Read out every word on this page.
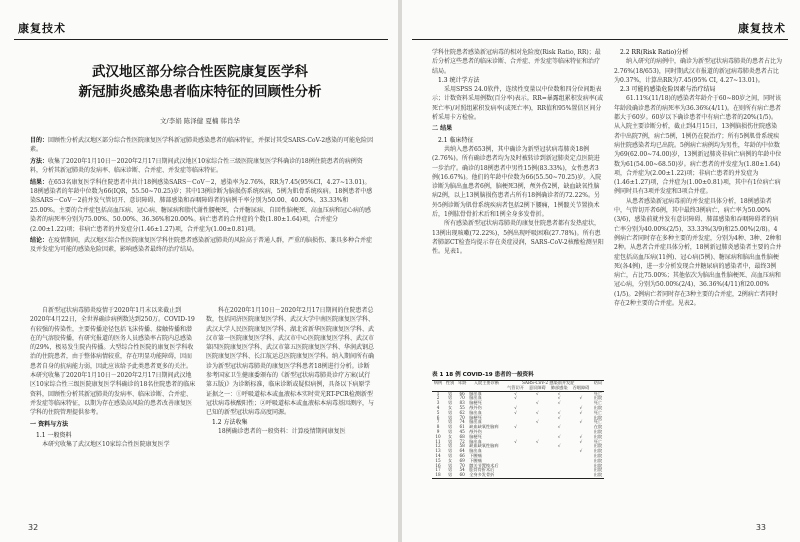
康复技术
武汉地区部分综合性医院康复医学科
新冠肺炎感染患者临床特征的回顾性分析
文/李娟 陈泽健 夏楠 韩肖华
目的：回顾性分析武汉地区部分综合性医院康复医学科新冠肺炎感染患者的临床特征，并探讨其受SARS-CoV-2感染的可能危险因素。
方法：收集了2020年1月10日－2020年2月17日期间武汉地区10家综合性三级医院康复医学科确诊的18例住院患者的病例资料，分析其新冠肺炎的发病率、临床诊断、合并症、并发症等临床特征。
结果：在653名康复医学科住院患者中共计18例感染SARS－CoV－2，感染率为2.76%，RR为7.45(95%CI，4.27~13.01)。18例感染者的年龄中位数为66(IQR，55.50~70.25)岁；其中13例诊断为脑损伤系统疾病，5例为肌骨系统疾病。18例患者中感染SARS－CoV－2前并发气管切开、意识障碍、肺部感染和吞咽障碍者的病例千率分别为50.00、40.00%、33.33%和25.00%。主要的合并症包括高血压病、冠心病、糖尿病和脂代谢性腰梗死，合并糖尿病、自回性脑梗死、高血压病和冠心病的感染者的病死率分别为75.00%、50.00%、36.36%和20.00%。病亡患者的合并症的个数(1.80±1.64)项，合并症分(2.00±1.22)项；非病亡患者的并发症分(1.46±1.27)项，合并症为(1.00±0.81)项。
结论：在疫情期间，武汉地区综合性医院康复医学科住院患者感染新冠肺炎的风险高于普通人群，严重的脑损伤、兼具多种合并症及并发症为可能的感染危险因素，影响感染者最终的治疗结局。

自新型冠状病毒肺炎疫情于2020年1月末以来截止到2020年4月22日，全世界确诊病例数达到250万。COVID-19有较强的传染性，主要传播途径包括飞沫传播、接触传播和潜在的气溶胶传播，有研究报道的医务人员感染率占院内总感染的29%，极易发生院内传播。大型综合性医院的康复医学科收治的住院患者，由于整体病情较重，存在明显功能障碍，因而患者自身的抗病能力弱，因此应该给予此类患者更多的关注。本研究收集了2020年1月10日－2020年2月17日期间武汉地区10家综合性三级医院康复医学科确诊的18名住院患者的临床资料，回顾性分析其新冠肺炎的发病率、临床诊断、合并症、并发症等临床特征，以期为存在感染高风险的患者改善康复医学科的住院管理提供参考。

一 资料与方法

1.1 一般资料

本研究收集了武汉地区10家综合性医院康复医学

科在2020年1月10日－2020年2月17日期间的住院患者总数，包括同济医院康复医学科、武汉大学中南医院康复医学科、武汉大学人民医院康复医学科、湖北省新华医院康复医学科、武汉市第一医院康复医学科、武汉市中心医院康复医学科、武汉市第四医院康复医学科、武汉市第五医院康复医学科、华润武钢总医院康复医学科、长江航运总医院康复医学科。纳入期间所有确诊为新型冠状病毒肺炎的康复医学科患者18例进行分析。诊断参考国家卫生健康委颁布的《新型冠状病毒肺炎诊疗方案(试行第五版)》为诊断标准，临床诊断或疑似病例，具备以下病原学证据之一：①呼吸道标本或血液标本实时荧光RT-PCR检测新型冠状病毒核酸阳性；②呼吸道标本或血液标本病毒基因测序，与已知的新型冠状病毒高度同源。

1.2 方法收集

18例确诊患者的一般资料：计算疫情期间康复医

32
康复技术

学科住院患者感染新冠病毒的相对危险度(Risk Ratio, RR)；最后分析这些患者的临床诊断、合并症、并发症等临床特征和治疗结局。

1.3 统计学方法

采用SPSS 24.0软件，连续性变量以中位数和四分位间距表示；计数资料采用例数(百分率)表示。RR=暴露组累积发病率(或死亡率)/对照组累积发病率(或死亡率)，RR值和95%置信区间分析采用卡方检验。

二 结果

2.1 临床特征

共纳入患者653例，其中确诊为新型冠状病毒肺炎18例(2.76%)。所有确诊患者均为及时被转诊到新冠肺炎定点医院进一步治疗。确诊的18例患者中男性15例(83.33%)，女性患者3例(16.67%)。他们的年龄中位数为66(55.50~70.25)岁。入院诊断为脑出血患者6例，脑梗死3例，颅外伤2例，缺血缺氧性脑病2例，以上13例脑损伤患者占所有18例确诊者的72.22%。另外5例诊断为肌骨系统疾病者包括2例下腰痛，1例髋关节置换术后，1例肱骨骨折术后和1例全身多发骨折。

所有感染新型冠状病毒肺炎的康复住院患者都有发热症状，13例出现咳嗽(72.22%)，5例出现呼吸困难(27.78%)。所有患者肺部CT检查均提示存在炎症浸润，SARS-CoV-2核酸检测呈阳性。见表1。

2.2 RR(Risk Ratio)分析

纳入研究的病例中，确诊为新型冠状病毒肺炎的患者占比为2.76%(18/653)，同时期武汉市报道的新冠病毒肺炎患者占比为0.37%，计算出RR为7.45(95% CI, 4.27~13.01)。

2.3 可能的感染危险因素与治疗结局

61.11%(11/18)的感染者年龄介于60~80岁之间，同时该年龄段确诊患者的病死率为36.36%(4/11)。在则所有病亡患者都大于60岁。60岁以下确诊患者中有病亡患者的20%(1/5)。从入院主要诊断分析，截止到4月15日，13例脑损伤住院感染者中出院7例，病亡5例，1例仍在院治疗；所有5例肌骨系统疾病住院感染者均已出院。5例病亡病例均为男性，年龄的中位数为69(62.00~74.00)岁，13例新冠肺炎非病亡病例的年龄中位数为61(54.00~68.50)岁。病亡患者的并发症为(1.80±1.64)项，合并症为(2.00±1.22)项；非病亡患者的并发症为(1.46±1.27)项，合并症为(1.00±0.81)项，其中有1位病亡病例同时具有3项并发症和3项合并症。

从患者感染新冠病毒前的并发症具体分析，18例感染者中，气管切开者6例，其中最终3例病亡，病亡率为50.00%(3/6)，感染前就并发有意识障碍、肺部感染和吞咽障碍者的病亡率分别为40.00%(2/5)、33.33%(3/9)和25.00%(2/8)。4例病亡者同时存在多种主要的并发症，分别为4种、3种、2种和2种。从患者合并症具体分析，18例新冠肺炎感染者主要的合并症包括高血压病(11例)、冠心病(5例)、糖尿病和脑出血性脑梗死(各4例)，进一步分析发现合并糖尿病的感染者中，最终3例病亡，占比75.00%；其他依次为脑出血性脑梗死、高血压病和冠心病，分别为50.00%(2/4)、36.36%(4/11)和20.00%(1/5)。2例病亡者同时存在3种主要的合并症，2例病亡者同时存在2种主要的合并症。见表2。

表 1 18 例 COVID-19 患者的一般资料
病例	性别	年龄	入院主要诊断	SARS-CoV-2 感染前并发症				结局
				气管切开	意识障碍	肺部感染	吞咽障碍	
1	男	66	脑出血	√	√	√		死亡
2	男	70	脑出血	√		√	√	出院
3	男	83	脑梗死		√	√		死亡
4	女	55	颅外伤	√			√	出院
5	男	62	脑出血	√	√	√	√	死亡
6	男	70	脑梗死			√		出院
7	男	74	脑出血		√		√	死亡
8	男	61	缺血缺氧性脑病	√		√		在院
9	男	45	颅外伤					出院
10	女	68	脑梗死			√	√	出院
11	男	72	脑出血	√	√		√	死亡
12	男	58	缺血缺氧性脑病			√		出院
13	男	64	脑出血				√	出院
14	男	66	下腰痛					出院
15	女	69	下腰痛					出院
16	男	70	髋关节置换术后					出院
17	男	54	肱骨骨折术后					出院
18	男	60	全身多发骨折					出院
33
